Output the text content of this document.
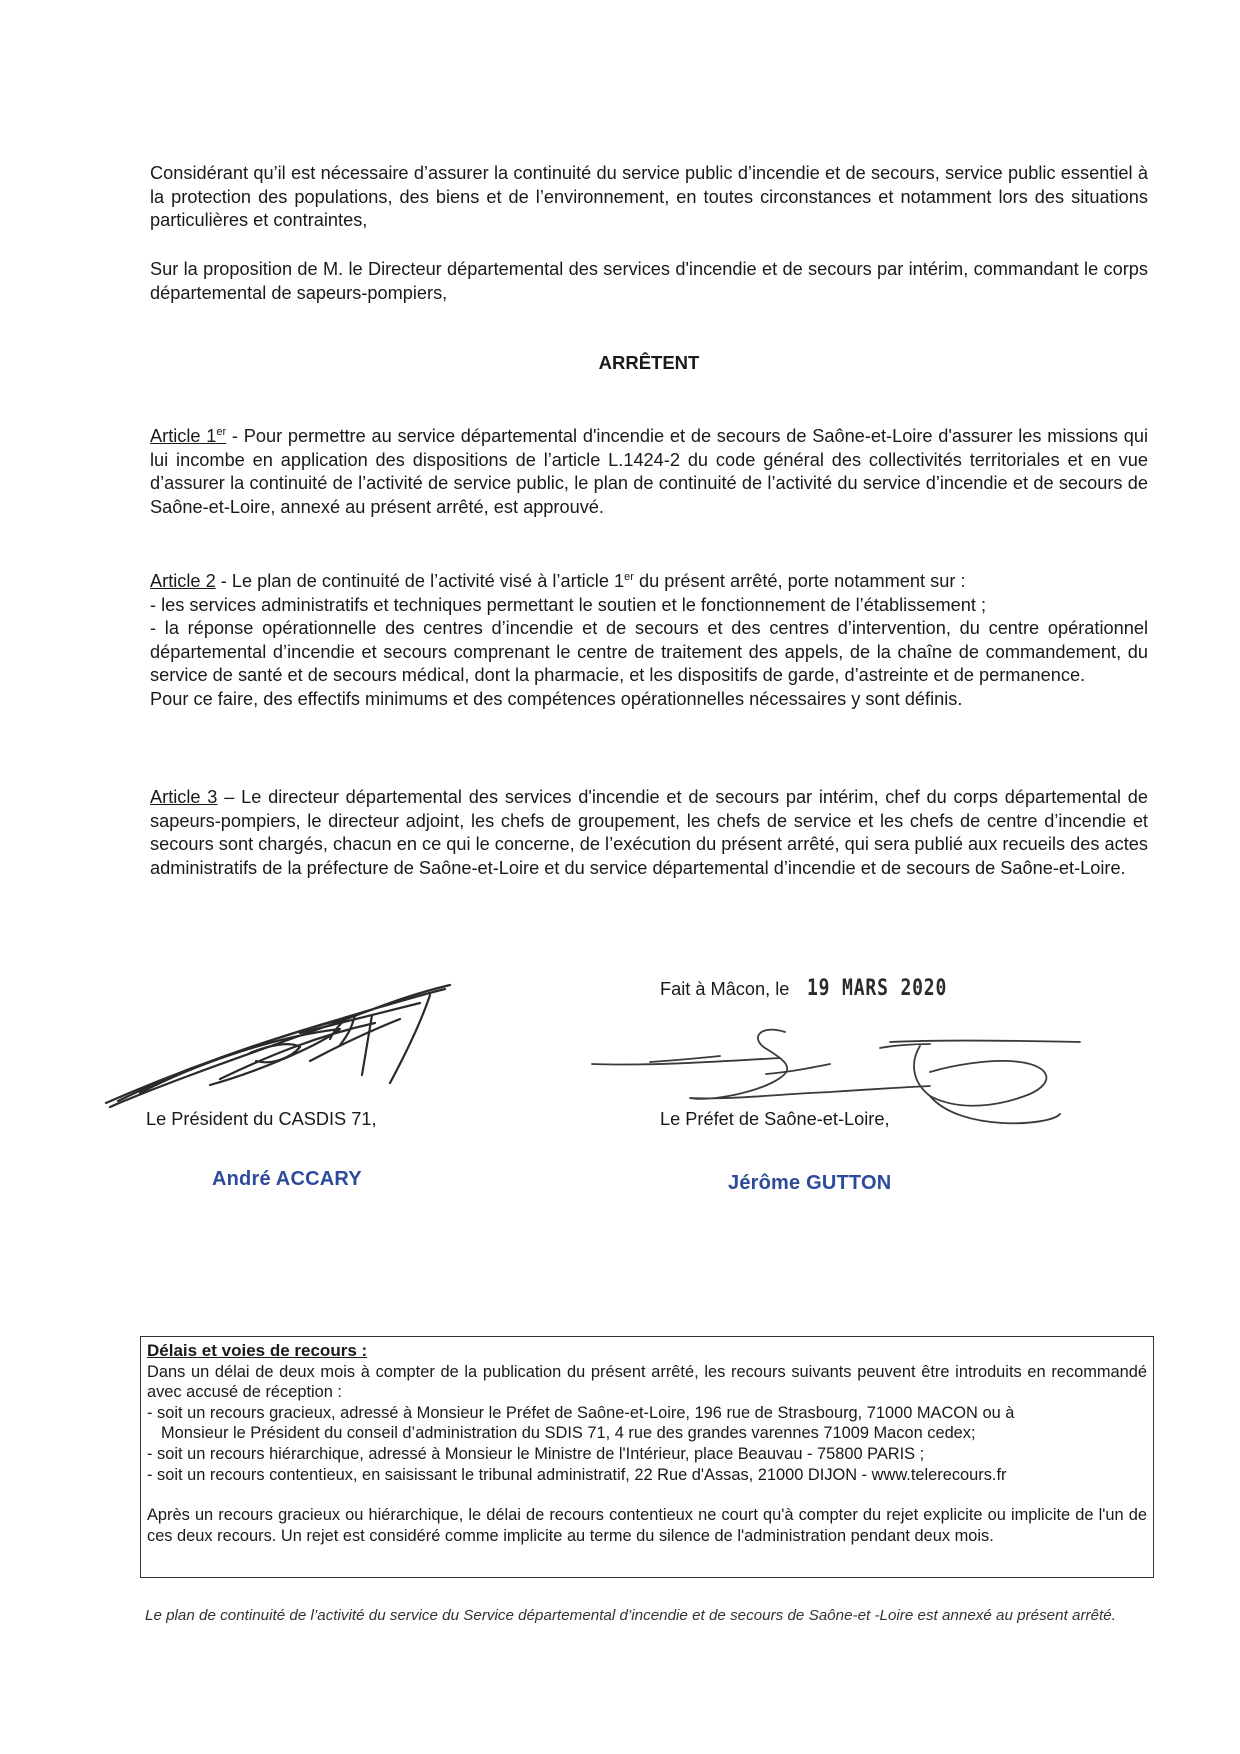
Considérant qu’il est nécessaire d’assurer la continuité du service public d’incendie et de secours, service public essentiel à la protection des populations, des biens et de l’environnement, en toutes circonstances et notamment lors des situations particulières et contraintes,

Sur la proposition de M. le Directeur départemental des services d'incendie et de secours par intérim, commandant le corps départemental de sapeurs-pompiers,

ARRÊTENT

Article 1er - Pour permettre au service départemental d'incendie et de secours de Saône-et-Loire d'assurer les missions qui lui incombe en application des dispositions de l’article L.1424-2 du code général des collectivités territoriales et en vue d’assurer la continuité de l’activité de service public, le plan de continuité de l’activité du service d’incendie et de secours de Saône-et-Loire, annexé au présent arrêté, est approuvé.

Article 2 - Le plan de continuité de l’activité visé à l’article 1er du présent arrêté, porte notamment sur :

- les services administratifs et techniques permettant le soutien et le fonctionnement de l’établissement ;

- la réponse opérationnelle des centres d’incendie et de secours et des centres d’intervention, du centre opérationnel départemental d’incendie et secours comprenant le centre de traitement des appels, de la chaîne de commandement, du service de santé et de secours médical, dont la pharmacie, et les dispositifs de garde, d’astreinte et de permanence.

Pour ce faire, des effectifs minimums et des compétences opérationnelles nécessaires y sont définis.

Article 3 – Le directeur départemental des services d'incendie et de secours par intérim, chef du corps départemental de sapeurs-pompiers, le directeur adjoint, les chefs de groupement, les chefs de service et les chefs de centre d’incendie et secours sont chargés, chacun en ce qui le concerne, de l’exécution du présent arrêté, qui sera publié aux recueils des actes administratifs de la préfecture de Saône-et-Loire et du service départemental d’incendie et de secours de Saône-et-Loire.

Fait à Mâcon, le 19 MARS 2020
Le Président du CASDIS 71,	Le Préfet de Saône-et-Loire,
André ACCARY	Jérôme GUTTON

Délais et voies de recours :

Dans un délai de deux mois à compter de la publication du présent arrêté, les recours suivants peuvent être introduits en recommandé avec accusé de réception :

- soit un recours gracieux, adressé à Monsieur le Préfet de Saône-et-Loire, 196 rue de Strasbourg, 71000 MACON ou à

Monsieur le Président du conseil d’administration du SDIS 71, 4 rue des grandes varennes 71009 Macon cedex;

- soit un recours hiérarchique, adressé à Monsieur le Ministre de l'Intérieur, place Beauvau - 75800 PARIS ;

- soit un recours contentieux, en saisissant le tribunal administratif, 22 Rue d'Assas, 21000 DIJON - www.telerecours.fr

Après un recours gracieux ou hiérarchique, le délai de recours contentieux ne court qu'à compter du rejet explicite ou implicite de l'un de ces deux recours. Un rejet est considéré comme implicite au terme du silence de l'administration pendant deux mois.

Le plan de continuité de l’activité du service du Service départemental d’incendie et de secours de Saône-et -Loire est annexé au présent arrêté.
